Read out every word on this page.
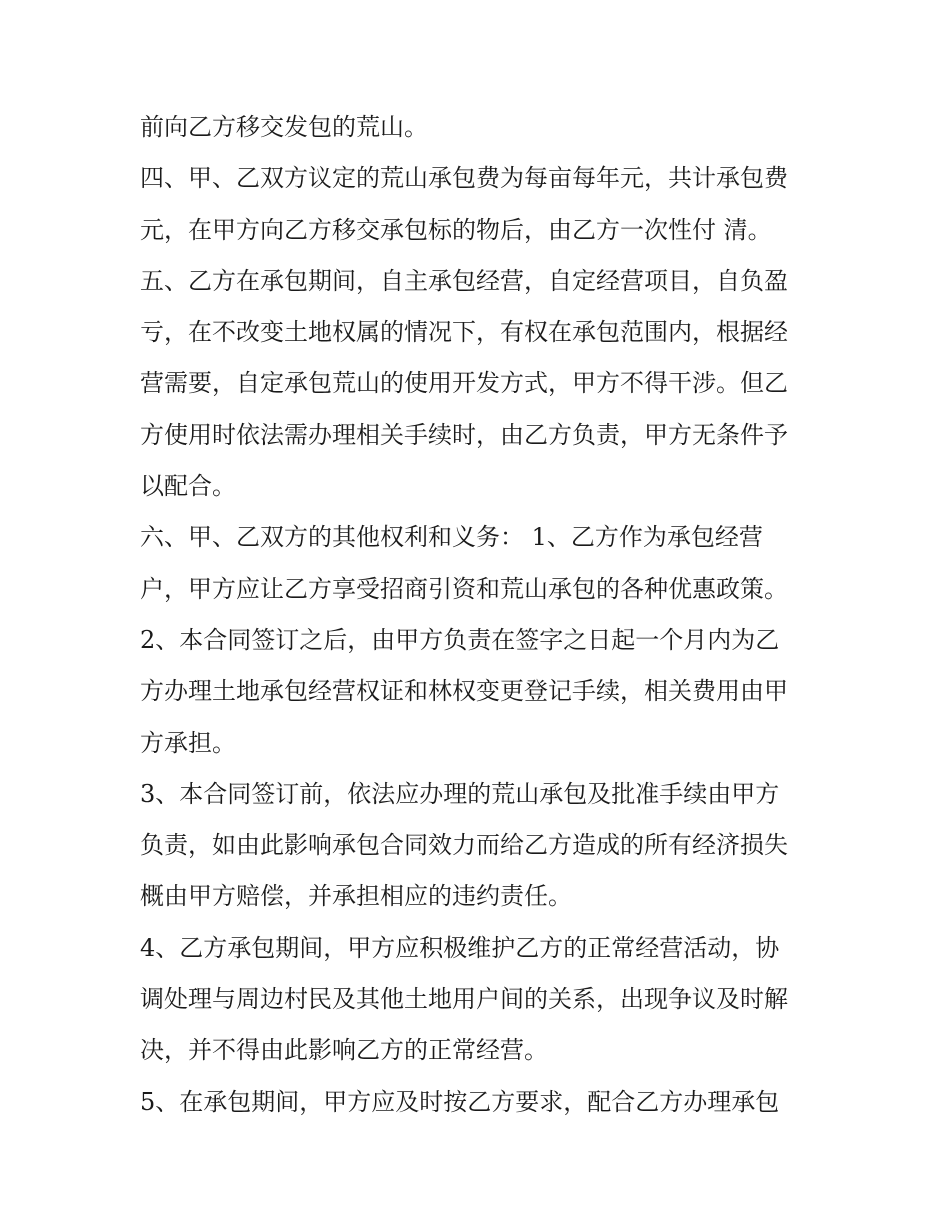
前向乙方移交发包的荒山。
四、甲、乙双方议定的荒山承包费为每亩每年元，共计承包费
元，在甲方向乙方移交承包标的物后，由乙方一次性付 清。
五、乙方在承包期间，自主承包经营，自定经营项目，自负盈
亏，在不改变土地权属的情况下，有权在承包范围内，根据经
营需要，自定承包荒山的使用开发方式，甲方不得干涉。但乙
方使用时依法需办理相关手续时，由乙方负责，甲方无条件予
以配合。
六、甲、乙双方的其他权利和义务： 1、乙方作为承包经营
户，甲方应让乙方享受招商引资和荒山承包的各种优惠政策。
2、本合同签订之后，由甲方负责在签字之日起一个月内为乙
方办理土地承包经营权证和林权变更登记手续，相关费用由甲
方承担。
3、本合同签订前，依法应办理的荒山承包及批准手续由甲方
负责，如由此影响承包合同效力而给乙方造成的所有经济损失
概由甲方赔偿，并承担相应的违约责任。
4、乙方承包期间，甲方应积极维护乙方的正常经营活动，协
调处理与周边村民及其他土地用户间的关系，出现争议及时解
决，并不得由此影响乙方的正常经营。
5、在承包期间，甲方应及时按乙方要求，配合乙方办理承包
